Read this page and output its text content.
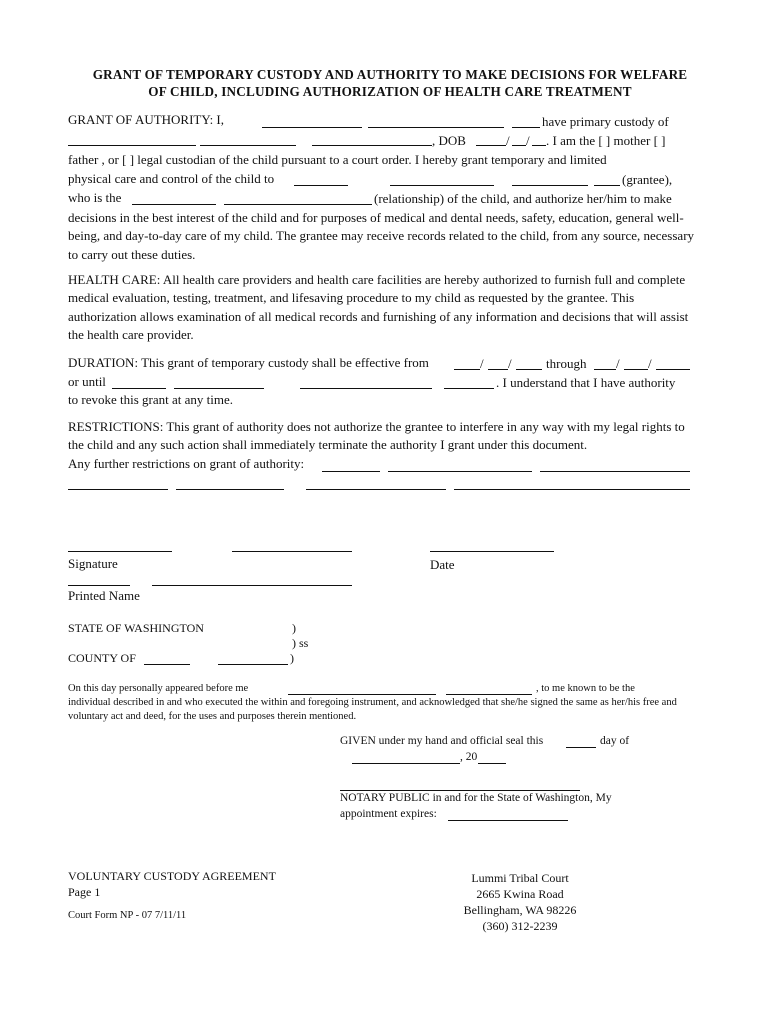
GRANT OF TEMPORARY CUSTODY AND AUTHORITY TO MAKE DECISIONS FOR WELFARE
OF CHILD, INCLUDING AUTHORIZATION OF HEALTH CARE TREATMENT
GRANT OF AUTHORITY: I,	have primary custody of
, DOB	/ / . I am the [ ] mother [ ]
father , or [ ] legal custodian of the child pursuant to a court order. I hereby grant temporary and limited
physical care and control of the child to	(grantee),
who is the	(relationship) of the child, and authorize her/him to make
decisions in the best interest of the child and for purposes of medical and dental needs, safety, education, general well-being, and day-to-day care of my child. The grantee may receive records related to the child, from any source, necessary to carry out these duties.
HEALTH CARE: All health care providers and health care facilities are hereby authorized to furnish full and complete medical evaluation, testing, treatment, and lifesaving procedure to my child as requested by the grantee. This authorization allows examination of all medical records and furnishing of any information and decisions that will assist the health care provider.
DURATION: This grant of temporary custody shall be effective from	/ /	through / /
or until	. I understand that I have authority
to revoke this grant at any time.
RESTRICTIONS: This grant of authority does not authorize the grantee to interfere in any way with my legal rights to the child and any such action shall immediately terminate the authority I grant under this document.
Any further restrictions on grant of authority:
Signature	Date
Printed Name
STATE OF WASHINGTON	)
) ss
COUNTY OF	)
On this day personally appeared before me	, to me known to be the
individual described in and who executed the within and foregoing instrument, and acknowledged that she/he signed the same as her/his free and voluntary act and deed, for the uses and purposes therein mentioned.
GIVEN under my hand and official seal this	day of
, 20
NOTARY PUBLIC in and for the State of Washington, My
appointment expires:
VOLUNTARY CUSTODY AGREEMENT
Page 1
Court Form NP - 07 7/11/11
Lummi Tribal Court
2665 Kwina Road
Bellingham, WA 98226
(360) 312-2239
